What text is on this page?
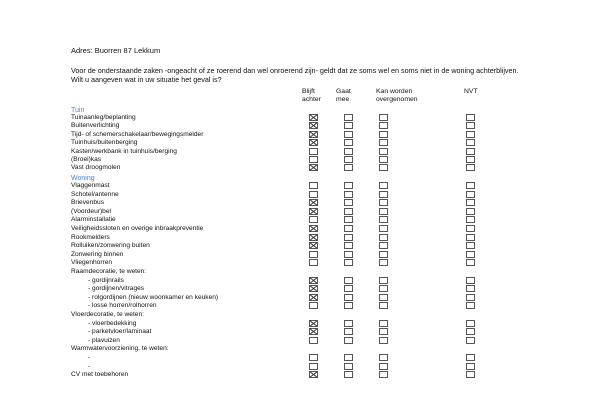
Adres: Buorren 87 Lekkum
Voor de onderstaande zaken -ongeacht of ze roerend dan wel onroerend zijn- geldt dat ze soms wel en soms niet in de woning achterblijven. Wilt u aangeven wat in uw situatie het geval is?
Blijft achter
Gaat mee
Kan worden overgenomen
NVT
Tuin
Tuinaanleg/beplanting
Buitenverlichting
Tijd- of schemerschakelaar/bewegingsmelder
Tuinhuis/buitenberging
Kasten/werkbank in tuinhuis/berging
(Broei)kas
Vast droogmolen
Woning
Vlaggenmast
Schotel/antenne
Brievenbus
(Voordeur)bel
Alarminstallatie
Veiligheidssloten en overige inbraakpreventie
Rookmelders
Rolluiken/zonwering buiten
Zonwering binnen
Vliegenhorren
Raamdecoratie, te weten:
- gordijnrails
- gordijnen/vitrages
- rolgordijnen (nieuw woonkamer en keuken)
- losse horren/rolhorren
Vloerdecoratie, te weten:
- vloerbedekking
- parketvloer/laminaat
- plavuizen
Warmwatervoorziening, te weten:
-
-
CV met toebehoren
